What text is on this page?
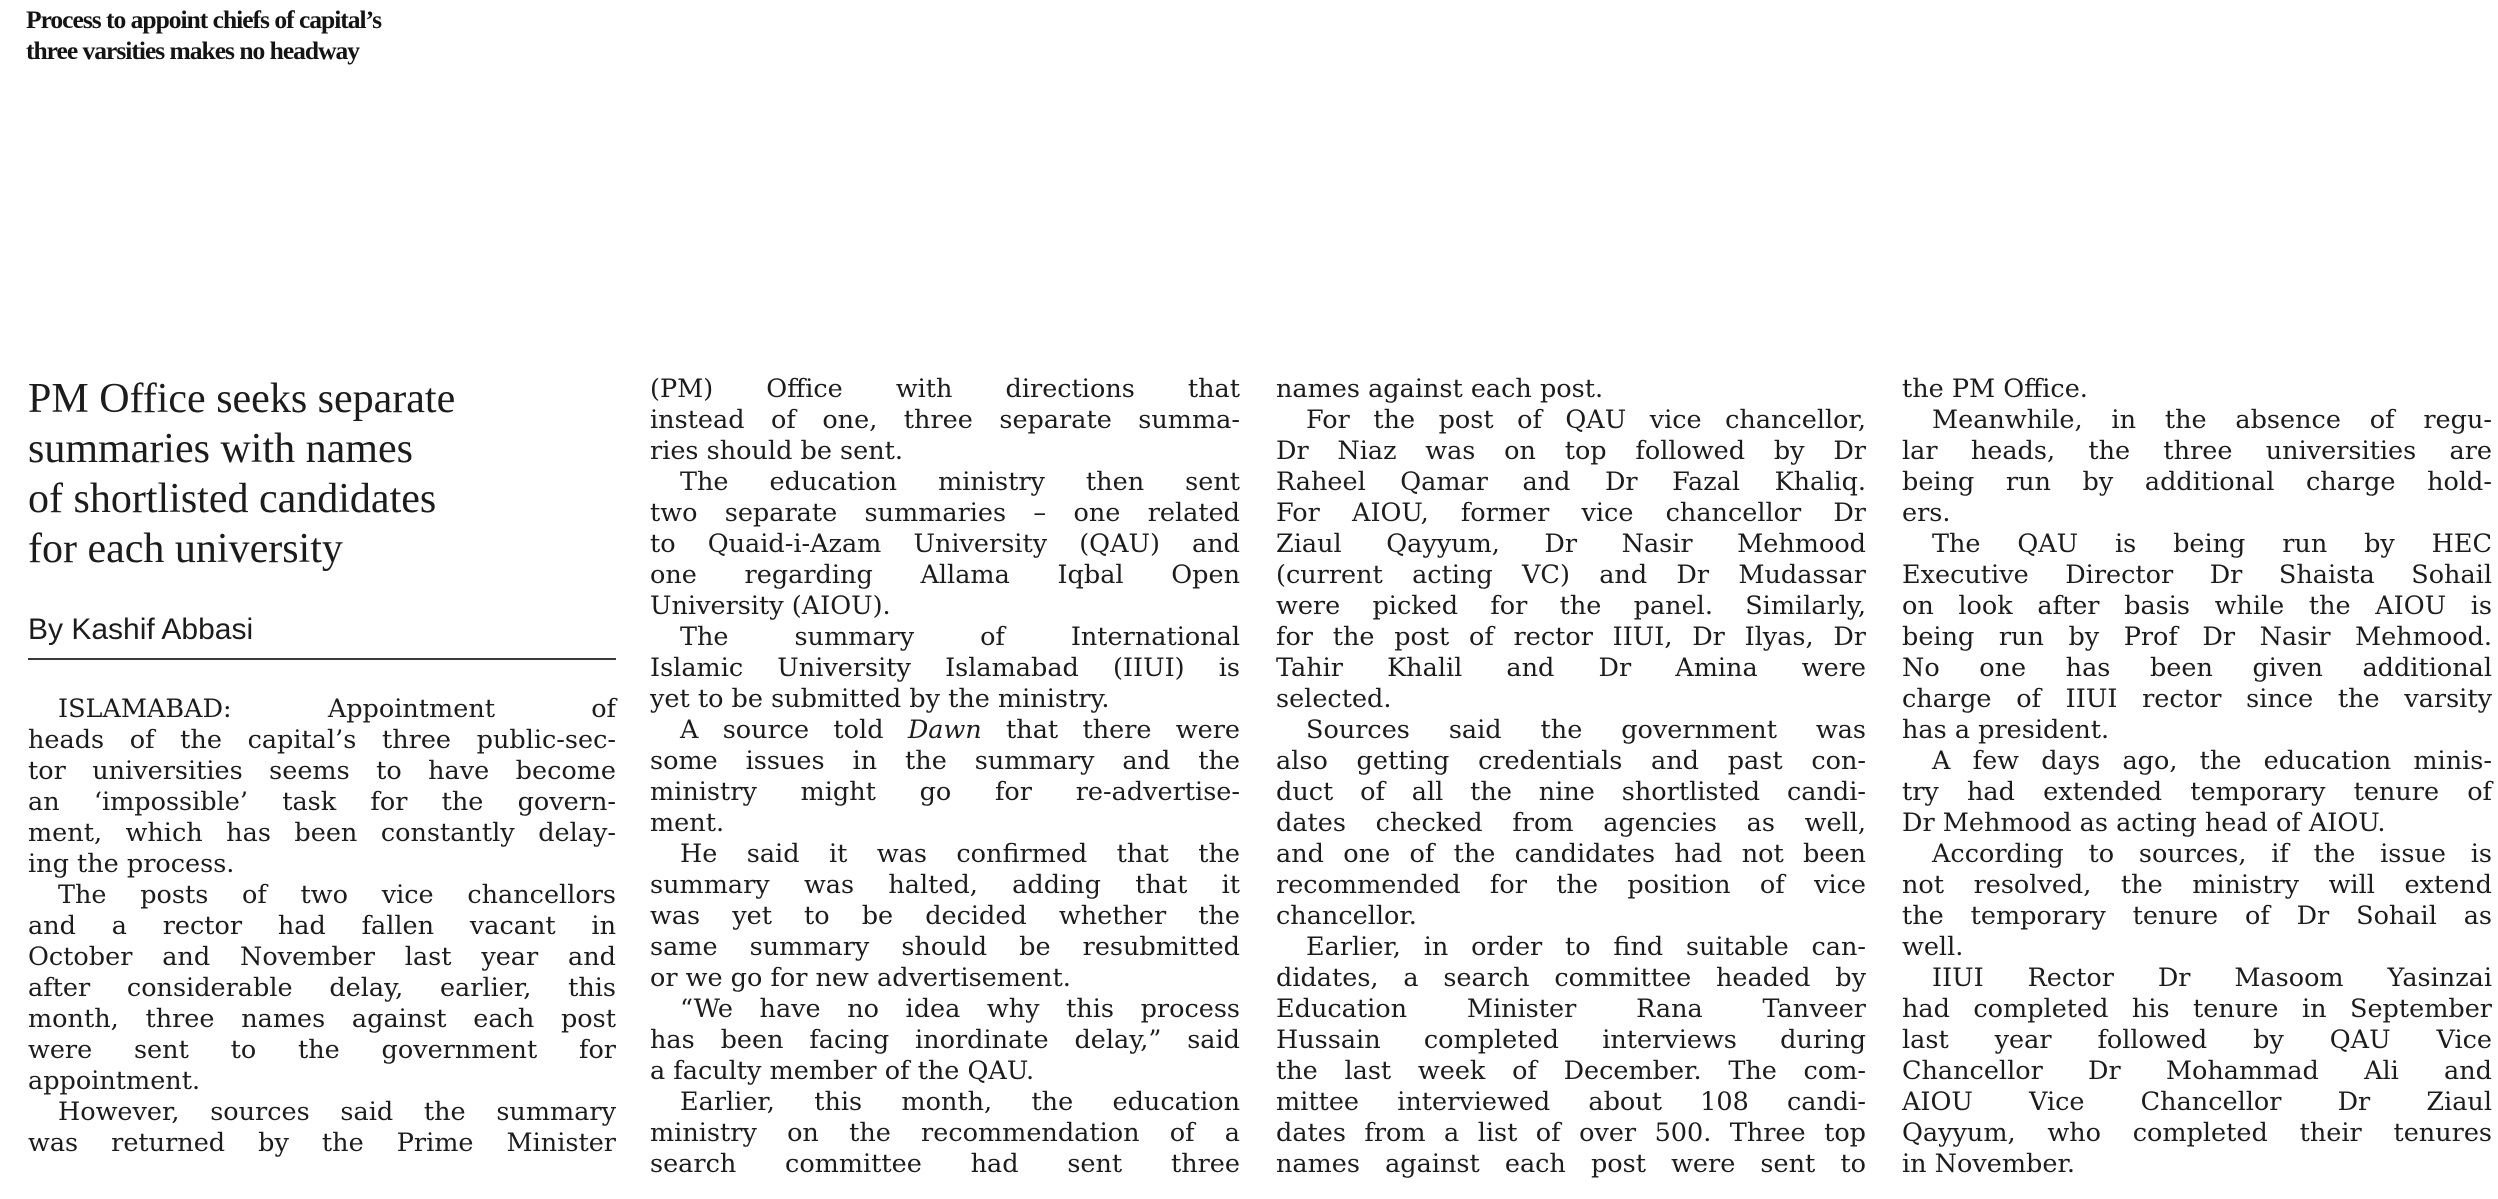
Process to appoint chiefs of capital’s
three varsities makes no headway
PM Office seeks separate
summaries with names
of shortlisted candidates
for each university
By Kashif Abbasi
ISLAMABAD: Appointment of
heads of the capital’s three public-sec-
tor universities seems to have become
an ‘impossible’ task for the govern-
ment, which has been constantly delay-
ing the process.
The posts of two vice chancellors
and a rector had fallen vacant in
October and November last year and
after considerable delay, earlier, this
month, three names against each post
were sent to the government for
appointment.
However, sources said the summary
was returned by the Prime Minister
(PM) Office with directions that
instead of one, three separate summa-
ries should be sent.
The education ministry then sent
two separate summaries – one related
to Quaid-i-Azam University (QAU) and
one regarding Allama Iqbal Open
University (AIOU).
The summary of International
Islamic University Islamabad (IIUI) is
yet to be submitted by the ministry.
A source told Dawn that there were
some issues in the summary and the
ministry might go for re-advertise-
ment.
He said it was confirmed that the
summary was halted, adding that it
was yet to be decided whether the
same summary should be resubmitted
or we go for new advertisement.
“We have no idea why this process
has been facing inordinate delay,” said
a faculty member of the QAU.
Earlier, this month, the education
ministry on the recommendation of a
search committee had sent three
names against each post.
For the post of QAU vice chancellor,
Dr Niaz was on top followed by Dr
Raheel Qamar and Dr Fazal Khaliq.
For AIOU, former vice chancellor Dr
Ziaul Qayyum, Dr Nasir Mehmood
(current acting VC) and Dr Mudassar
were picked for the panel. Similarly,
for the post of rector IIUI, Dr Ilyas, Dr
Tahir Khalil and Dr Amina were
selected.
Sources said the government was
also getting credentials and past con-
duct of all the nine shortlisted candi-
dates checked from agencies as well,
and one of the candidates had not been
recommended for the position of vice
chancellor.
Earlier, in order to find suitable can-
didates, a search committee headed by
Education Minister Rana Tanveer
Hussain completed interviews during
the last week of December. The com-
mittee interviewed about 108 candi-
dates from a list of over 500. Three top
names against each post were sent to
the PM Office.
Meanwhile, in the absence of regu-
lar heads, the three universities are
being run by additional charge hold-
ers.
The QAU is being run by HEC
Executive Director Dr Shaista Sohail
on look after basis while the AIOU is
being run by Prof Dr Nasir Mehmood.
No one has been given additional
charge of IIUI rector since the varsity
has a president.
A few days ago, the education minis-
try had extended temporary tenure of
Dr Mehmood as acting head of AIOU.
According to sources, if the issue is
not resolved, the ministry will extend
the temporary tenure of Dr Sohail as
well.
IIUI Rector Dr Masoom Yasinzai
had completed his tenure in September
last year followed by QAU Vice
Chancellor Dr Mohammad Ali and
AIOU Vice Chancellor Dr Ziaul
Qayyum, who completed their tenures
in November.
